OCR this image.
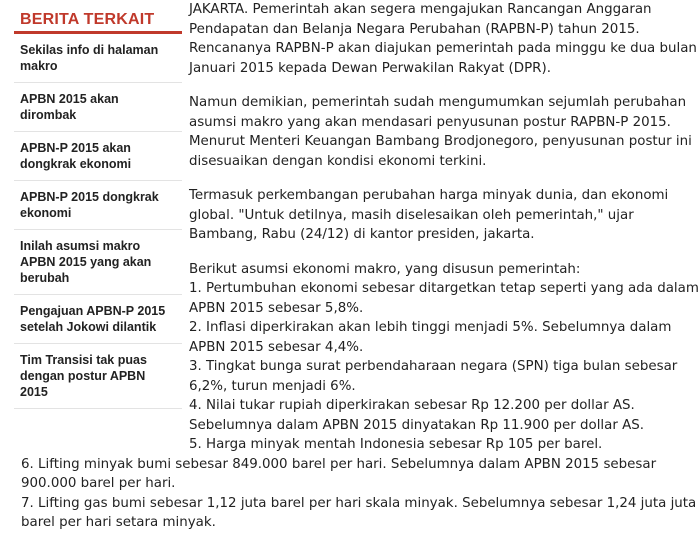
JAKARTA. Pemerintah akan segera mengajukan Rancangan Anggaran Pendapatan dan Belanja Negara Perubahan (RAPBN-P) tahun 2015. Rencananya RAPBN-P akan diajukan pemerintah pada minggu ke dua bulan Januari 2015 kepada Dewan Perwakilan Rakyat (DPR).

Namun demikian, pemerintah sudah mengumumkan sejumlah perubahan asumsi makro yang akan mendasari penyusunan postur RAPBN-P 2015. Menurut Menteri Keuangan Bambang Brodjonegoro, penyusunan postur ini disesuaikan dengan kondisi ekonomi terkini.

Termasuk perkembangan perubahan harga minyak dunia, dan ekonomi global. "Untuk detilnya, masih diselesaikan oleh pemerintah," ujar Bambang, Rabu (24/12) di kantor presiden, jakarta.

Berikut asumsi ekonomi makro, yang disusun pemerintah:
1. Pertumbuhan ekonomi sebesar ditargetkan tetap seperti yang ada dalam APBN 2015 sebesar 5,8%.
2. Inflasi diperkirakan akan lebih tinggi menjadi 5%. Sebelumnya dalam APBN 2015 sebesar 4,4%.
3. Tingkat bunga surat perbendaharaan negara (SPN) tiga bulan sebesar 6,2%, turun menjadi 6%.
4. Nilai tukar rupiah diperkirakan sebesar Rp 12.200 per dollar AS. Sebelumnya dalam APBN 2015 dinyatakan Rp 11.900 per dollar AS.
5. Harga minyak mentah Indonesia sebesar Rp 105 per barel.
6. Lifting minyak bumi sebesar 849.000 barel per hari. Sebelumnya dalam APBN 2015 sebesar 900.000 barel per hari.
7. Lifting gas bumi sebesar 1,12 juta barel per hari skala minyak. Sebelumnya sebesar 1,24 juta juta barel per hari setara minyak.

BERITA TERKAIT
Sekilas info di halaman makro
APBN 2015 akan dirombak
APBN-P 2015 akan dongkrak ekonomi
APBN-P 2015 dongkrak ekonomi
Inilah asumsi makro APBN 2015 yang akan berubah
Pengajuan APBN-P 2015 setelah Jokowi dilantik
Tim Transisi tak puas dengan postur APBN 2015
